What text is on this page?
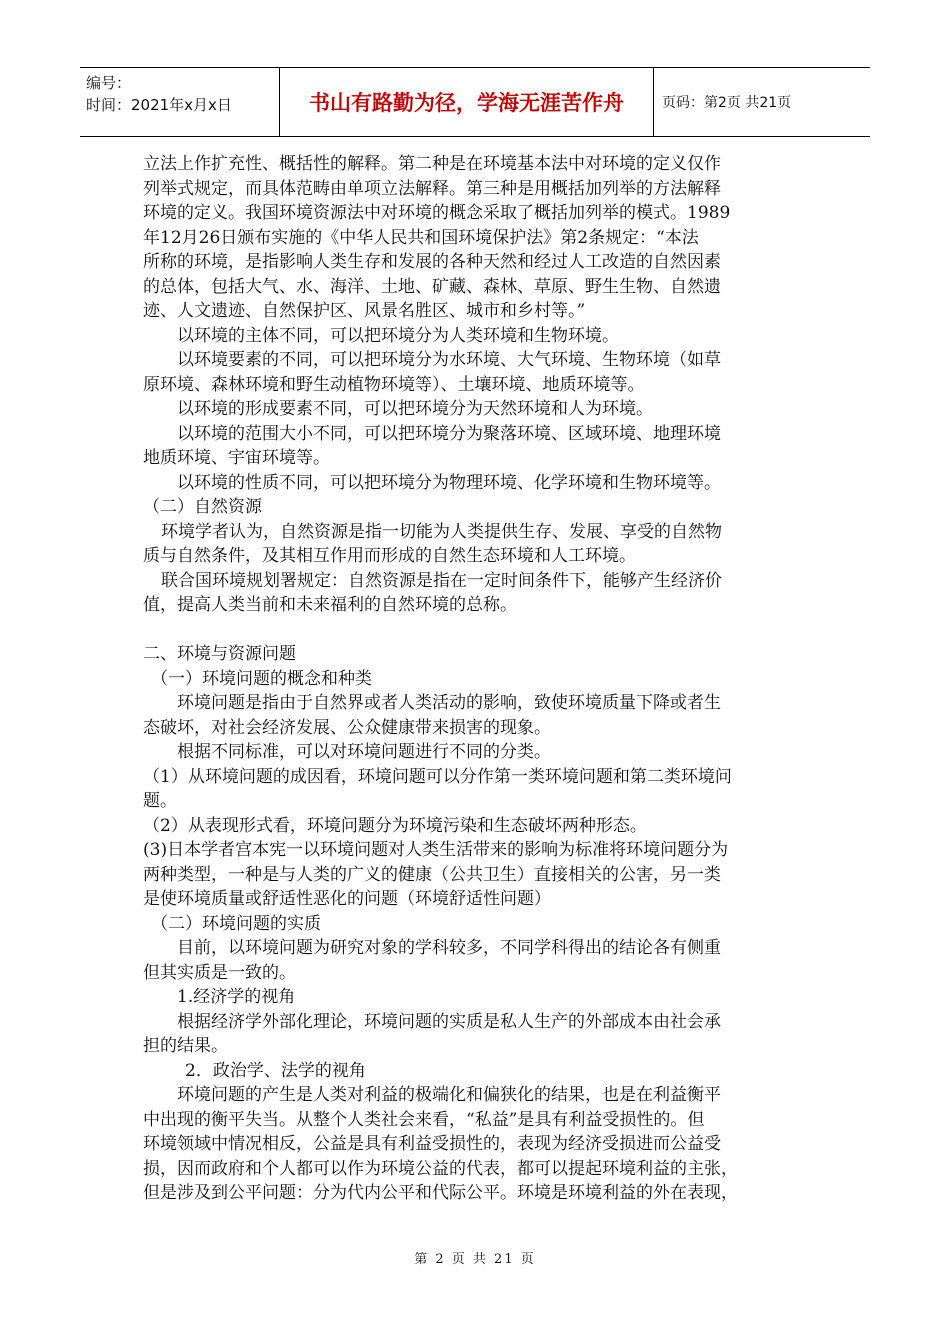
编号：
时间：2021年x月x日	书山有路勤为径，学海无涯苦作舟	页码：第2页 共21页

立法上作扩充性、概括性的解释。第二种是在环境基本法中对环境的定义仅作

列举式规定，而具体范畴由单项立法解释。第三种是用概括加列举的方法解释

环境的定义。我国环境资源法中对环境的概念采取了概括加列举的模式。1989

年12月26日颁布实施的《中华人民共和国环境保护法》第2条规定：“本法

所称的环境，是指影响人类生存和发展的各种天然和经过人工改造的自然因素

的总体，包括大气、水、海洋、土地、矿藏、森林、草原、野生生物、自然遗

迹、人文遗迹、自然保护区、风景名胜区、城市和乡村等。”

以环境的主体不同，可以把环境分为人类环境和生物环境。

以环境要素的不同，可以把环境分为水环境、大气环境、生物环境（如草

原环境、森林环境和野生动植物环境等）、土壤环境、地质环境等。

以环境的形成要素不同，可以把环境分为天然环境和人为环境。

以环境的范围大小不同，可以把环境分为聚落环境、区域环境、地理环境

地质环境、宇宙环境等。

以环境的性质不同，可以把环境分为物理环境、化学环境和生物环境等。

（二）自然资源

环境学者认为，自然资源是指一切能为人类提供生存、发展、享受的自然物

质与自然条件，及其相互作用而形成的自然生态环境和人工环境。

联合国环境规划署规定：自然资源是指在一定时间条件下，能够产生经济价

值，提高人类当前和未来福利的自然环境的总称。

二、环境与资源问题

（一）环境问题的概念和种类

环境问题是指由于自然界或者人类活动的影响，致使环境质量下降或者生

态破坏，对社会经济发展、公众健康带来损害的现象。

根据不同标准，可以对环境问题进行不同的分类。

（1）从环境问题的成因看，环境问题可以分作第一类环境问题和第二类环境问

题。

（2）从表现形式看，环境问题分为环境污染和生态破坏两种形态。

(3)日本学者宫本宪一以环境问题对人类生活带来的影响为标准将环境问题分为

两种类型，一种是与人类的广义的健康（公共卫生）直接相关的公害，另一类

是使环境质量或舒适性恶化的问题（环境舒适性问题）

（二）环境问题的实质

目前，以环境问题为研究对象的学科较多，不同学科得出的结论各有侧重

但其实质是一致的。

1.经济学的视角

根据经济学外部化理论，环境问题的实质是私人生产的外部成本由社会承

担的结果。

2．政治学、法学的视角

环境问题的产生是人类对利益的极端化和偏狭化的结果，也是在利益衡平

中出现的衡平失当。从整个人类社会来看，“私益”是具有利益受损性的。但

环境领域中情况相反，公益是具有利益受损性的，表现为经济受损进而公益受

损，因而政府和个人都可以作为环境公益的代表，都可以提起环境利益的主张，

但是涉及到公平问题：分为代内公平和代际公平。环境是环境利益的外在表现，

第 2 页 共 21 页
